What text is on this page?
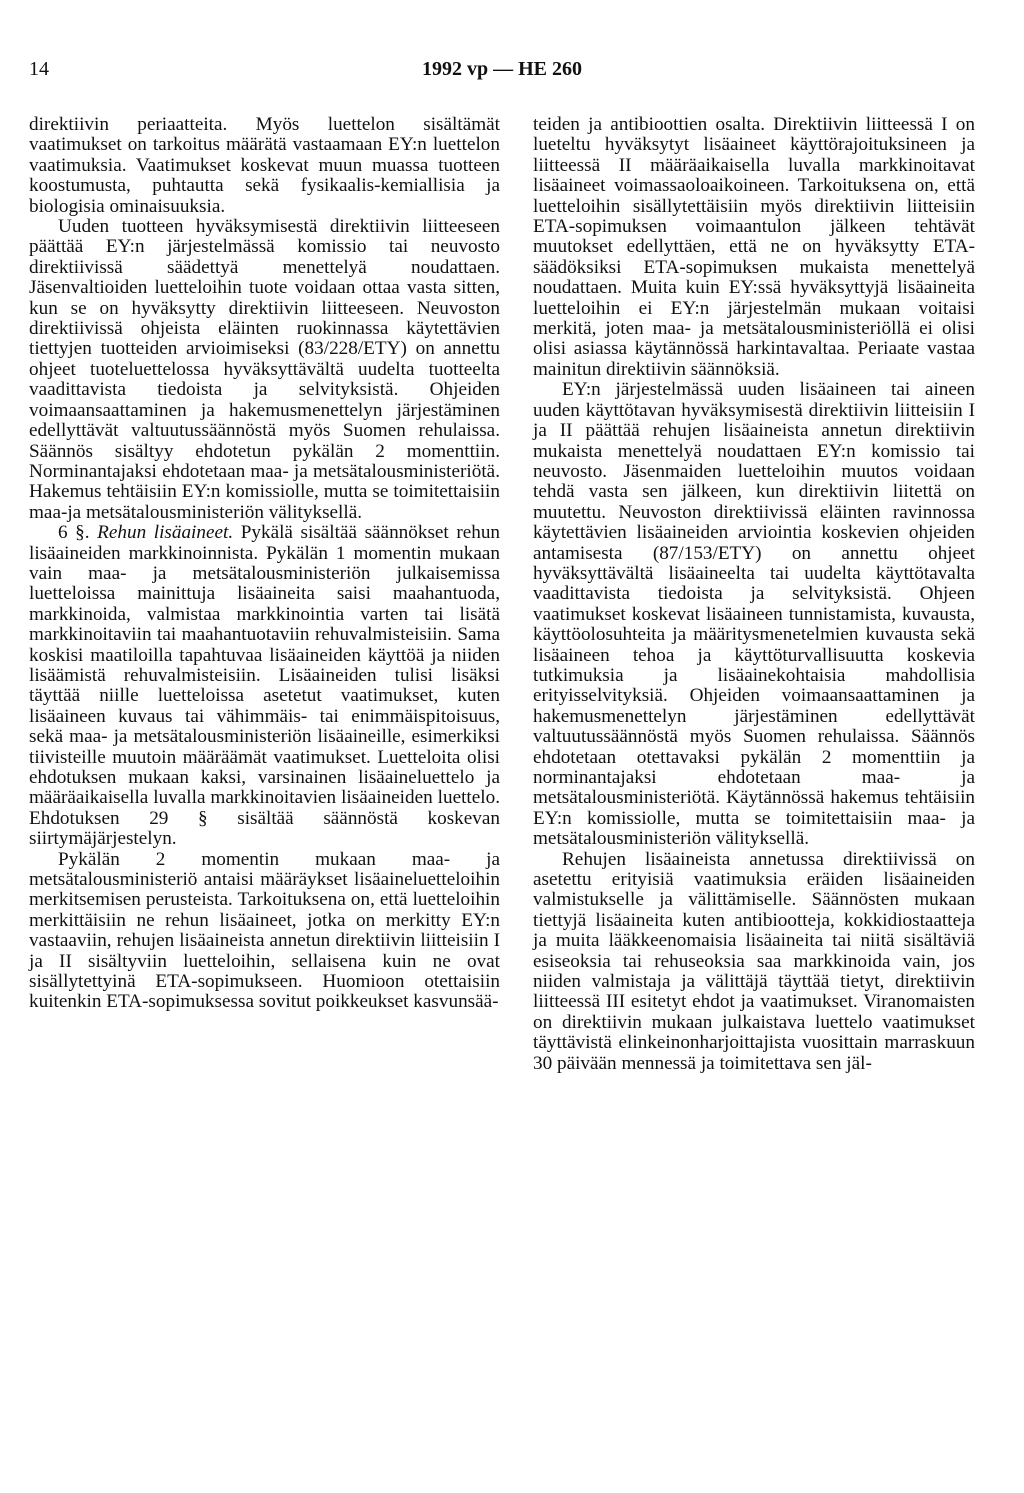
14	1992 vp — HE 260

direktiivin periaatteita. Myös luettelon sisältämät vaatimukset on tarkoitus määrätä vastaamaan EY:n luettelon vaatimuksia. Vaatimukset koskevat muun muassa tuotteen koostumusta, puhtautta sekä fysikaalis-kemiallisia ja biologisia ominaisuuksia.

Uuden tuotteen hyväksymisestä direktiivin liitteeseen päättää EY:n järjestelmässä komissio tai neuvosto direktiivissä säädettyä menettelyä noudattaen. Jäsenvaltioiden luetteloihin tuote voidaan ottaa vasta sitten, kun se on hyväksytty direktiivin liitteeseen. Neuvoston direktiivissä ohjeista eläinten ruokinnassa käytettävien tiettyjen tuotteiden arvioimiseksi (83/228/ETY) on annettu ohjeet tuoteluettelossa hyväksyttävältä uudelta tuotteelta vaadittavista tiedoista ja selvityksistä. Ohjeiden voimaansaattaminen ja hakemusmenettelyn järjestäminen edellyttävät valtuutussäännöstä myös Suomen rehulaissa. Säännös sisältyy ehdotetun pykälän 2 momenttiin. Norminantajaksi ehdotetaan maa- ja metsätalousministeriötä. Hakemus tehtäisiin EY:n komissiolle, mutta se toimitettaisiin maa-ja metsätalousministeriön välityksellä.

6 §. Rehun lisäaineet. Pykälä sisältää säännökset rehun lisäaineiden markkinoinnista. Pykälän 1 momentin mukaan vain maa- ja metsätalousministeriön julkaisemissa luetteloissa mainittuja lisäaineita saisi maahantuoda, markkinoida, valmistaa markkinointia varten tai lisätä markkinoitaviin tai maahantuotaviin rehuvalmisteisiin. Sama koskisi maatiloilla tapahtuvaa lisäaineiden käyttöä ja niiden lisäämistä rehuvalmisteisiin. Lisäaineiden tulisi lisäksi täyttää niille luetteloissa asetetut vaatimukset, kuten lisäaineen kuvaus tai vähimmäis- tai enimmäispitoisuus, sekä maa- ja metsätalousministeriön lisäaineille, esimerkiksi tiivisteille muutoin määräämät vaatimukset. Luetteloita olisi ehdotuksen mukaan kaksi, varsinainen lisäaineluettelo ja määräaikaisella luvalla markkinoitavien lisäaineiden luettelo. Ehdotuksen 29 § sisältää säännöstä koskevan siirtymäjärjestelyn.

Pykälän 2 momentin mukaan maa- ja metsätalousministeriö antaisi määräykset lisäaineluetteloihin merkitsemisen perusteista. Tarkoituksena on, että luetteloihin merkittäisiin ne rehun lisäaineet, jotka on merkitty EY:n vastaaviin, rehujen lisäaineista annetun direktiivin liitteisiin I ja II sisältyviin luetteloihin, sellaisena kuin ne ovat sisällytettyinä ETA-sopimukseen. Huomioon otettaisiin kuitenkin ETA-sopimuksessa sovitut poikkeukset kasvunsää-

teiden ja antibioottien osalta. Direktiivin liitteessä I on lueteltu hyväksytyt lisäaineet käyttörajoituksineen ja liitteessä II määräaikaisella luvalla markkinoitavat lisäaineet voimassaoloaikoineen. Tarkoituksena on, että luetteloihin sisällytettäisiin myös direktiivin liitteisiin ETA-sopimuksen voimaantulon jälkeen tehtävät muutokset edellyttäen, että ne on hyväksytty ETA-säädöksiksi ETA-sopimuksen mukaista menettelyä noudattaen. Muita kuin EY:ssä hyväksyttyjä lisäaineita luetteloihin ei EY:n järjestelmän mukaan voitaisi merkitä, joten maa- ja metsätalousministeriöllä ei olisi olisi asiassa käytännössä harkintavaltaa. Periaate vastaa mainitun direktiivin säännöksiä.

EY:n järjestelmässä uuden lisäaineen tai aineen uuden käyttötavan hyväksymisestä direktiivin liitteisiin I ja II päättää rehujen lisäaineista annetun direktiivin mukaista menettelyä noudattaen EY:n komissio tai neuvosto. Jäsenmaiden luetteloihin muutos voidaan tehdä vasta sen jälkeen, kun direktiivin liitettä on muutettu. Neuvoston direktiivissä eläinten ravinnossa käytettävien lisäaineiden arviointia koskevien ohjeiden antamisesta (87/153/ETY) on annettu ohjeet hyväksyttävältä lisäaineelta tai uudelta käyttötavalta vaadittavista tiedoista ja selvityksistä. Ohjeen vaatimukset koskevat lisäaineen tunnistamista, kuvausta, käyttöolosuhteita ja määritysmenetelmien kuvausta sekä lisäaineen tehoa ja käyttöturvallisuutta koskevia tutkimuksia ja lisäainekohtaisia mahdollisia erityisselvityksiä. Ohjeiden voimaansaattaminen ja hakemusmenettelyn järjestäminen edellyttävät valtuutussäännöstä myös Suomen rehulaissa. Säännös ehdotetaan otettavaksi pykälän 2 momenttiin ja norminantajaksi ehdotetaan maa- ja metsätalousministeriötä. Käytännössä hakemus tehtäisiin EY:n komissiolle, mutta se toimitettaisiin maa- ja metsätalousministeriön välityksellä.

Rehujen lisäaineista annetussa direktiivissä on asetettu erityisiä vaatimuksia eräiden lisäaineiden valmistukselle ja välittämiselle. Säännösten mukaan tiettyjä lisäaineita kuten antibiootteja, kokkidiostaatteja ja muita lääkkeenomaisia lisäaineita tai niitä sisältäviä esiseoksia tai rehuseoksia saa markkinoida vain, jos niiden valmistaja ja välittäjä täyttää tietyt, direktiivin liitteessä III esitetyt ehdot ja vaatimukset. Viranomaisten on direktiivin mukaan julkaistava luettelo vaatimukset täyttävistä elinkeinonharjoittajista vuosittain marraskuun 30 päivään mennessä ja toimitettava sen jäl-
